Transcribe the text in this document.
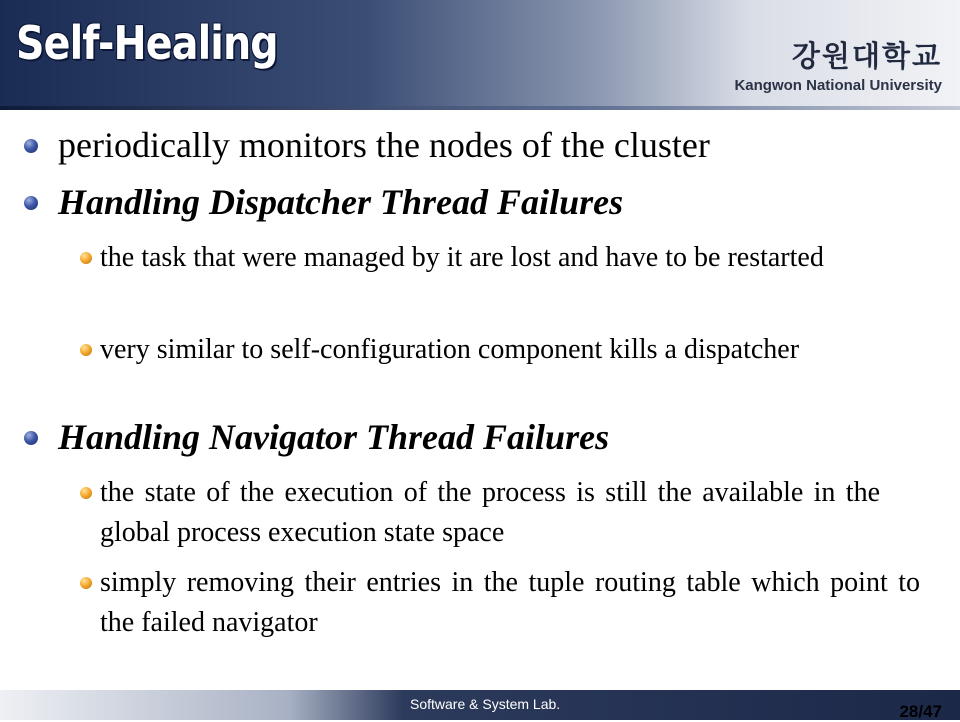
Self-Healing	강원대학교
Kangwon National University
periodically monitors the nodes of the cluster
Handling Dispatcher Thread Failures
the task that were managed by it are lost and have to be restarted
very similar to self-configuration component kills a dispatcher
Handling Navigator Thread Failures
the state of the execution of the process is still the available in the global process execution state space
simply removing their entries in the tuple routing table which point to the failed navigator
Software & System Lab.	28/47
